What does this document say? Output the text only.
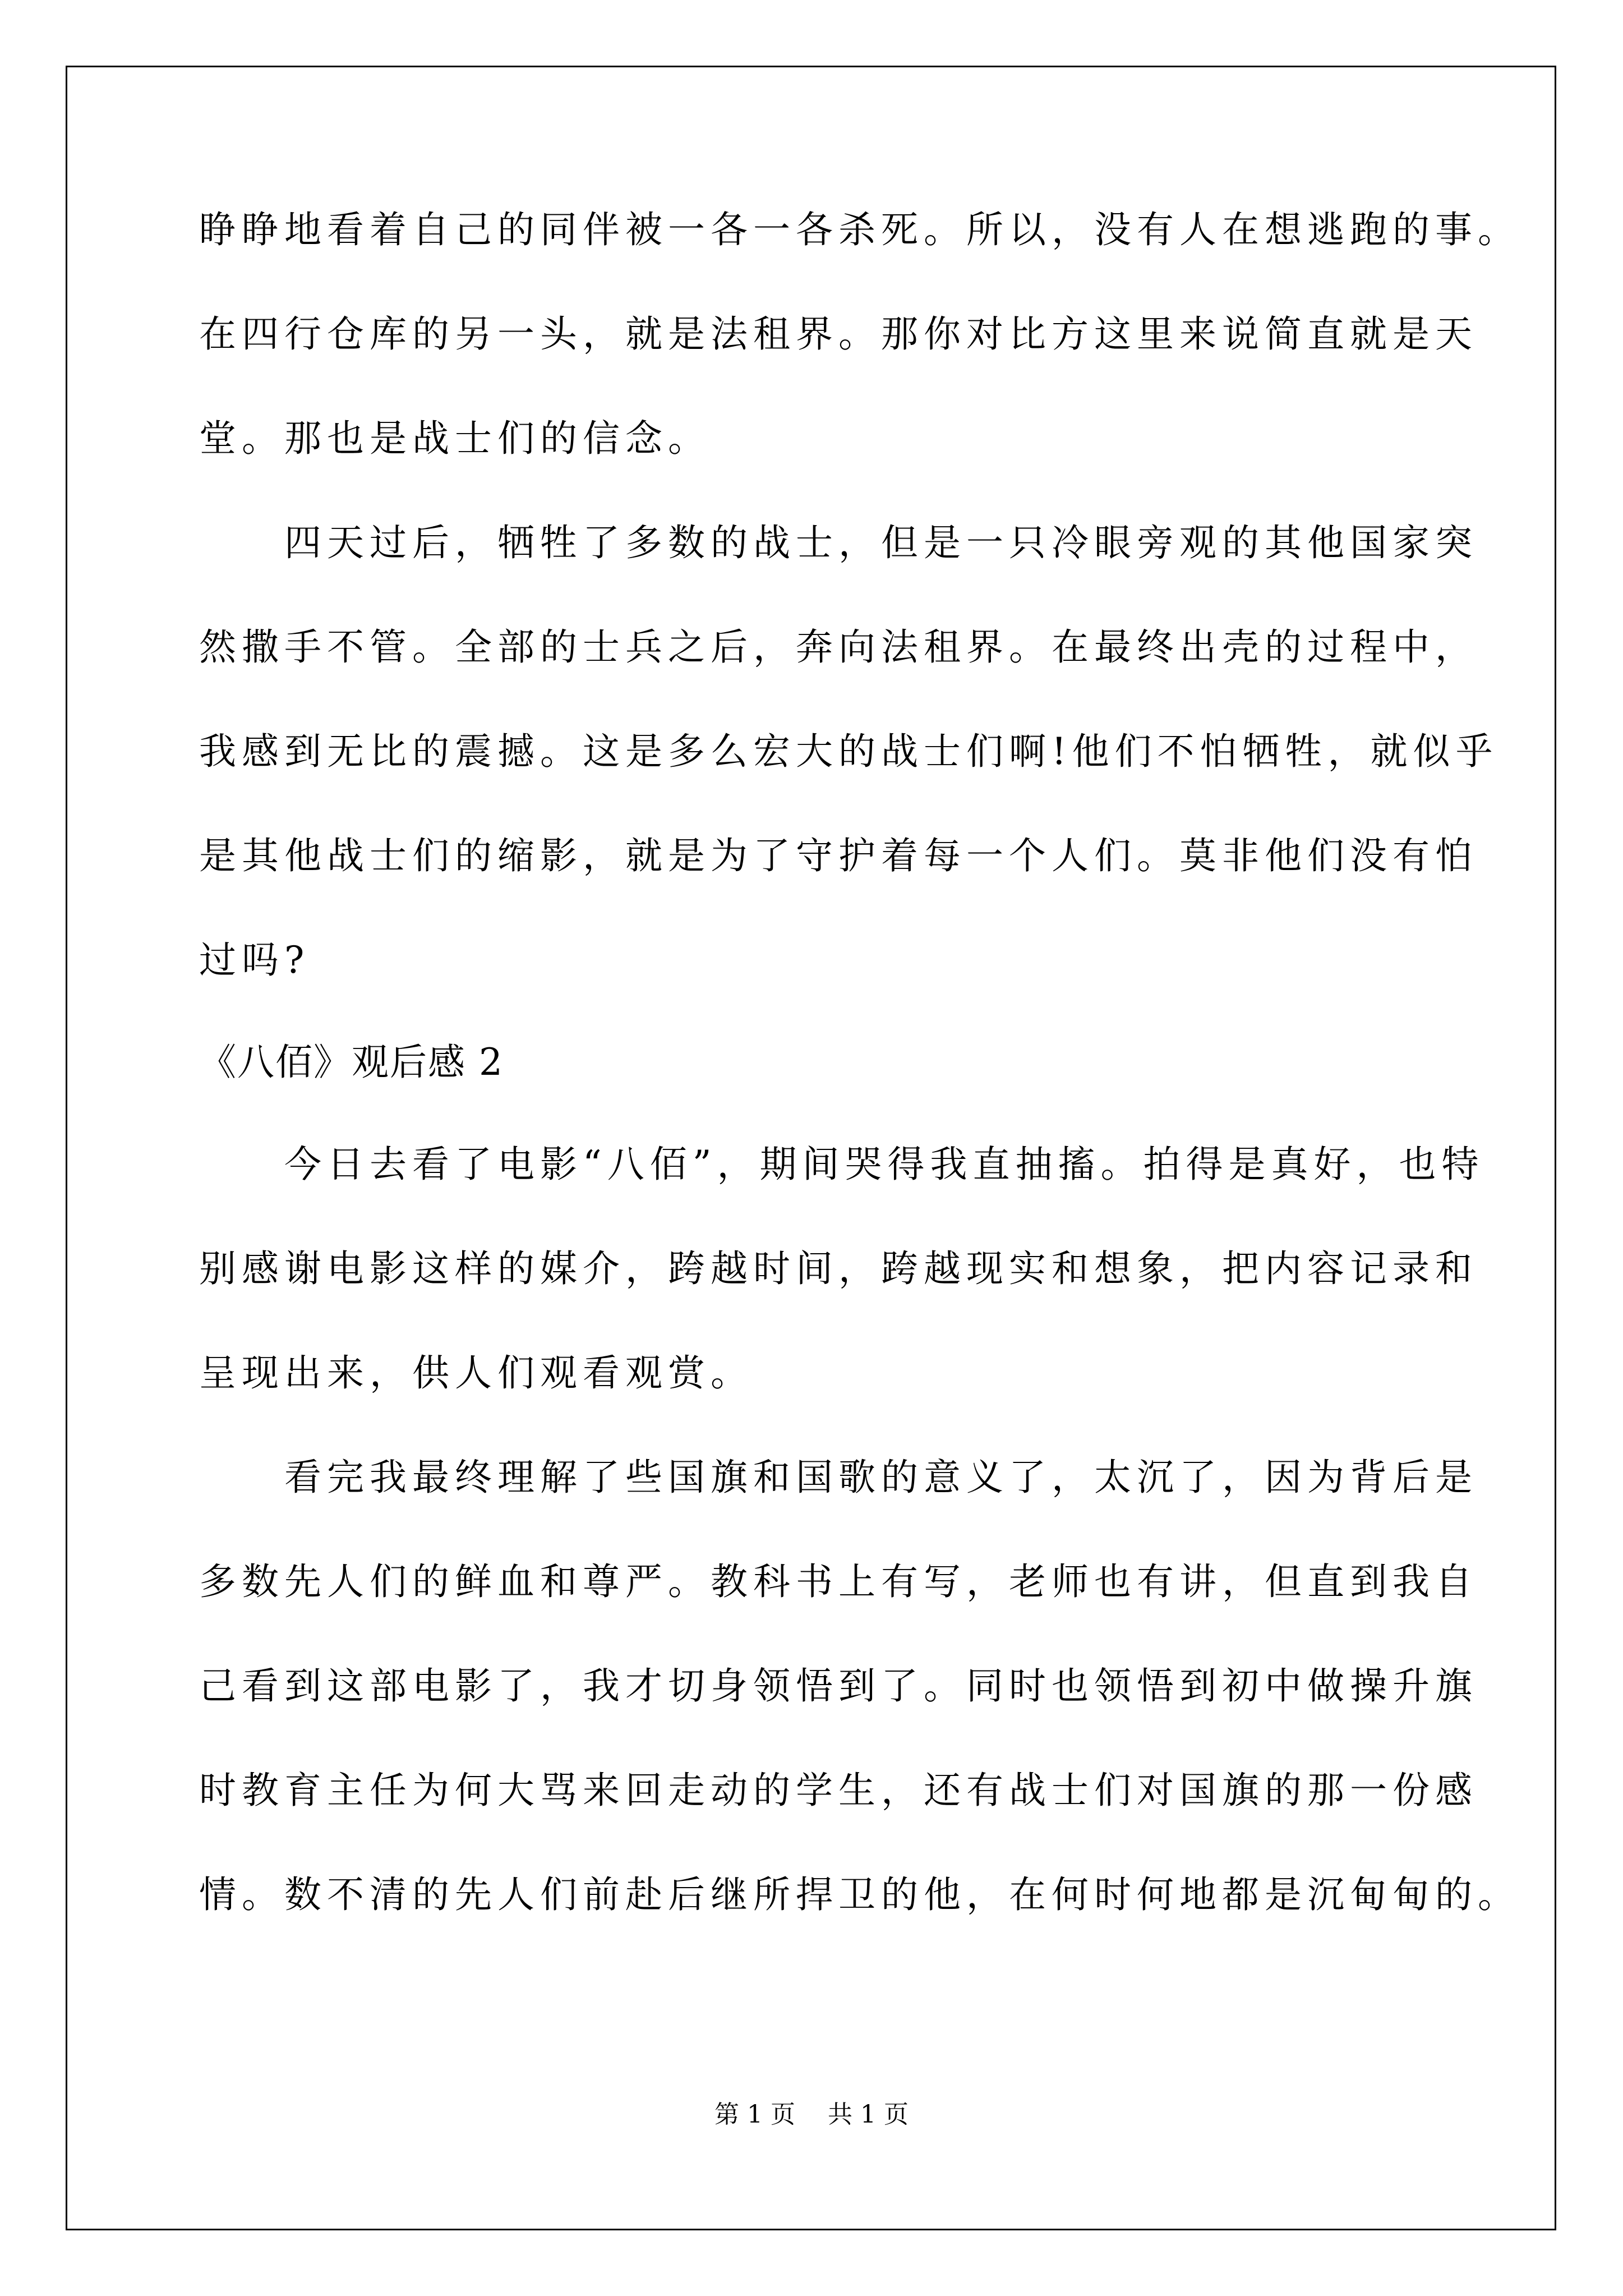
睁睁地看着自己的同伴被一各一各杀死。所以，没有人在想逃跑的事。
在四行仓库的另一头，就是法租界。那你对比方这里来说简直就是天
堂。那也是战士们的信念。
　　四天过后，牺牲了多数的战士，但是一只冷眼旁观的其他国家突
然撒手不管。全部的士兵之后，奔向法租界。在最终出壳的过程中，
我感到无比的震撼。这是多么宏大的战士们啊!他们不怕牺牲，就似乎
是其他战士们的缩影，就是为了守护着每一个人们。莫非他们没有怕
过吗?
《八佰》观后感 2
　　今日去看了电影“八佰”，期间哭得我直抽搐。拍得是真好，也特
别感谢电影这样的媒介，跨越时间，跨越现实和想象，把内容记录和
呈现出来，供人们观看观赏。
　　看完我最终理解了些国旗和国歌的意义了，太沉了，因为背后是
多数先人们的鲜血和尊严。教科书上有写，老师也有讲，但直到我自
己看到这部电影了，我才切身领悟到了。同时也领悟到初中做操升旗
时教育主任为何大骂来回走动的学生，还有战士们对国旗的那一份感
情。数不清的先人们前赴后继所捍卫的他，在何时何地都是沉甸甸的。
第 1 页　 共 1 页
